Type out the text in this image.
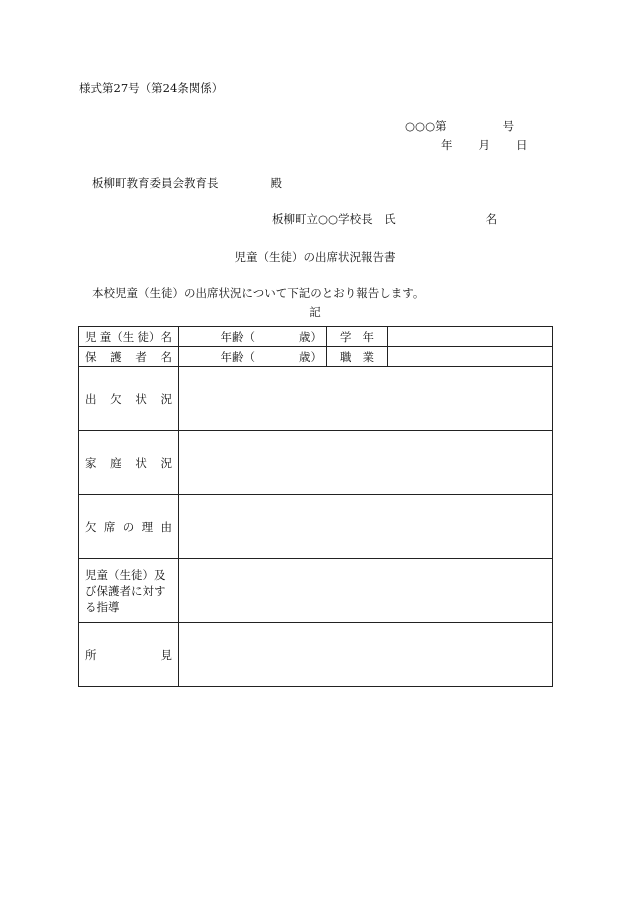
様式第27号（第24条関係）
○○○第	号
年 月 日
板柳町教育委員会教育長	殿
板柳町立○○学校長　氏	名
児童（生徒）の出席状況報告書
本校児童（生徒）の出席状況について下記のとおり報告します。
記
児 童（生 徒）名	年齢（ 歳）	学 年	

保 護 者 名	年齢（ 歳）	職 業	

出 欠 状 況			

家 庭 状 況			

欠 席 の 理 由			

児童（生徒）及
び保護者に対す
る指導			

所 見			
